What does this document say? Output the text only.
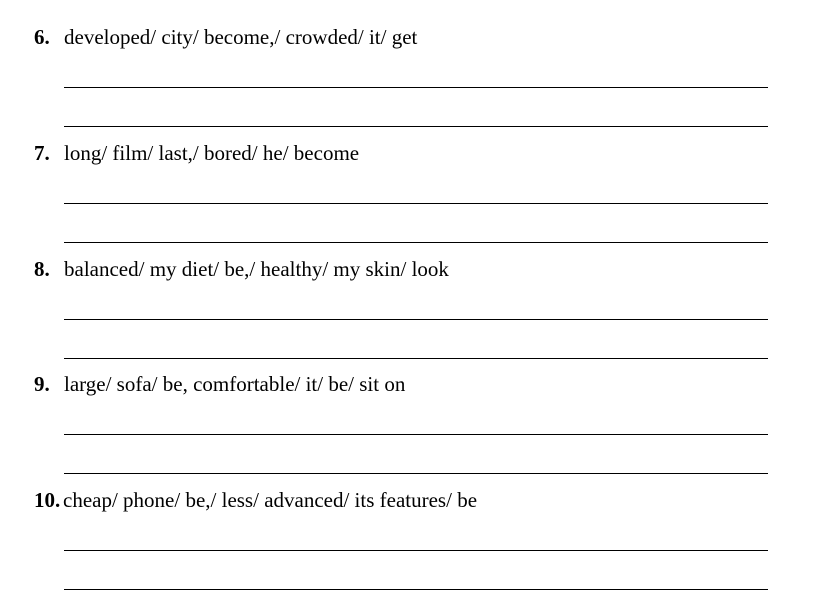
6. developed/ city/ become,/ crowded/ it/ get
7. long/ film/ last,/ bored/ he/ become
8. balanced/ my diet/ be,/ healthy/ my skin/ look
9. large/ sofa/ be, comfortable/ it/ be/ sit on
10. cheap/ phone/ be,/ less/ advanced/ its features/ be
